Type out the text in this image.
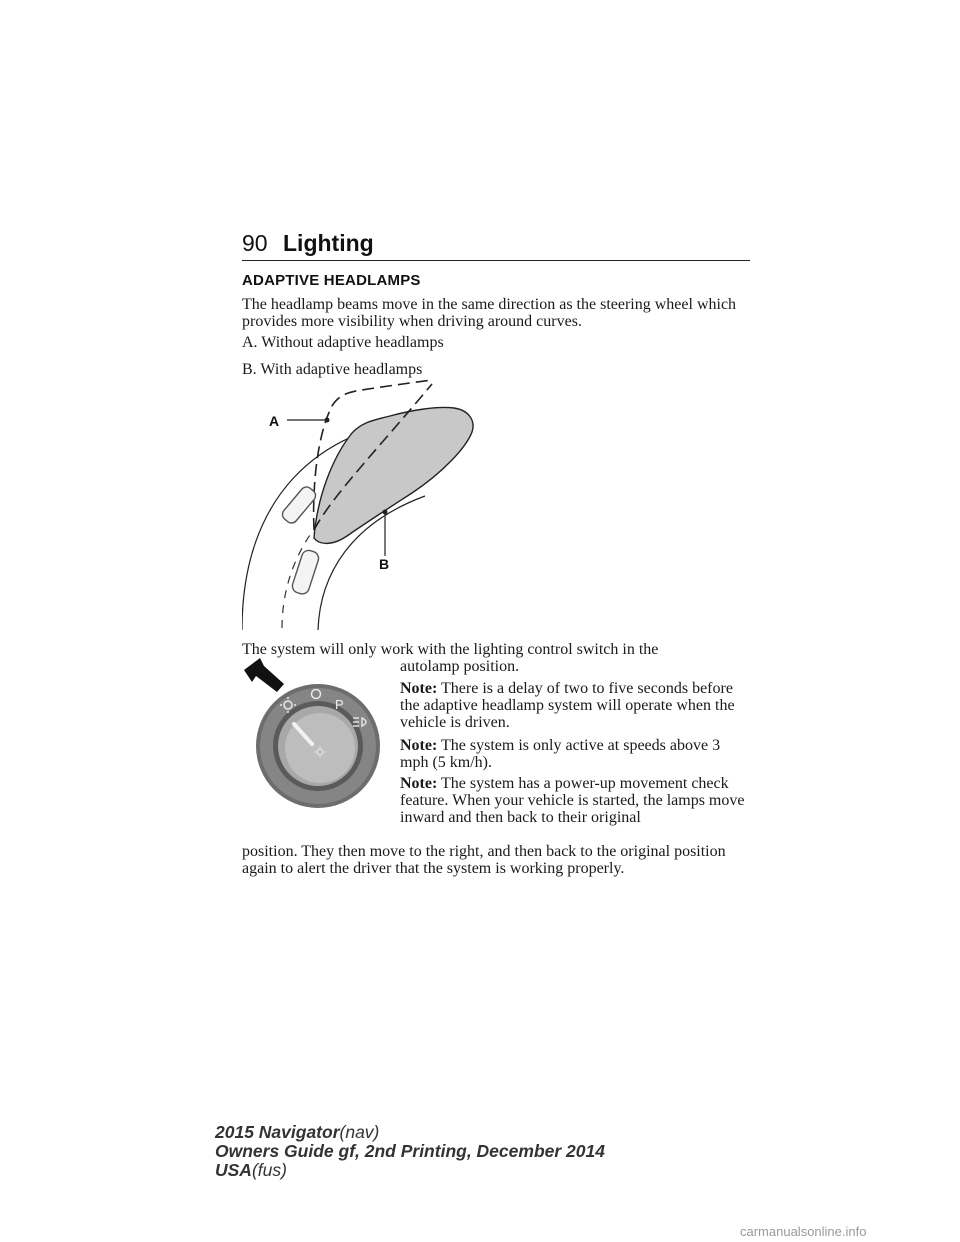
90 Lighting
ADAPTIVE HEADLAMPS

The headlamp beams move in the same direction as the steering wheel which provides more visibility when driving around curves.

A. Without adaptive headlamps

B. With adaptive headlamps

A
B
The system will only work with the lighting control switch in the
autolamp position.
P
Note: There is a delay of two to five seconds before the adaptive headlamp system will operate when the vehicle is driven.
Note: The system is only active at speeds above 3 mph (5 km/h).
Note: The system has a power-up movement check feature. When your vehicle is started, the lamps move inward and then back to their original
position. They then move to the right, and then back to the original position again to alert the driver that the system is working properly.
2015 Navigator(nav)
Owners Guide gf, 2nd Printing, December 2014
USA(fus)
carmanualsonline.info
